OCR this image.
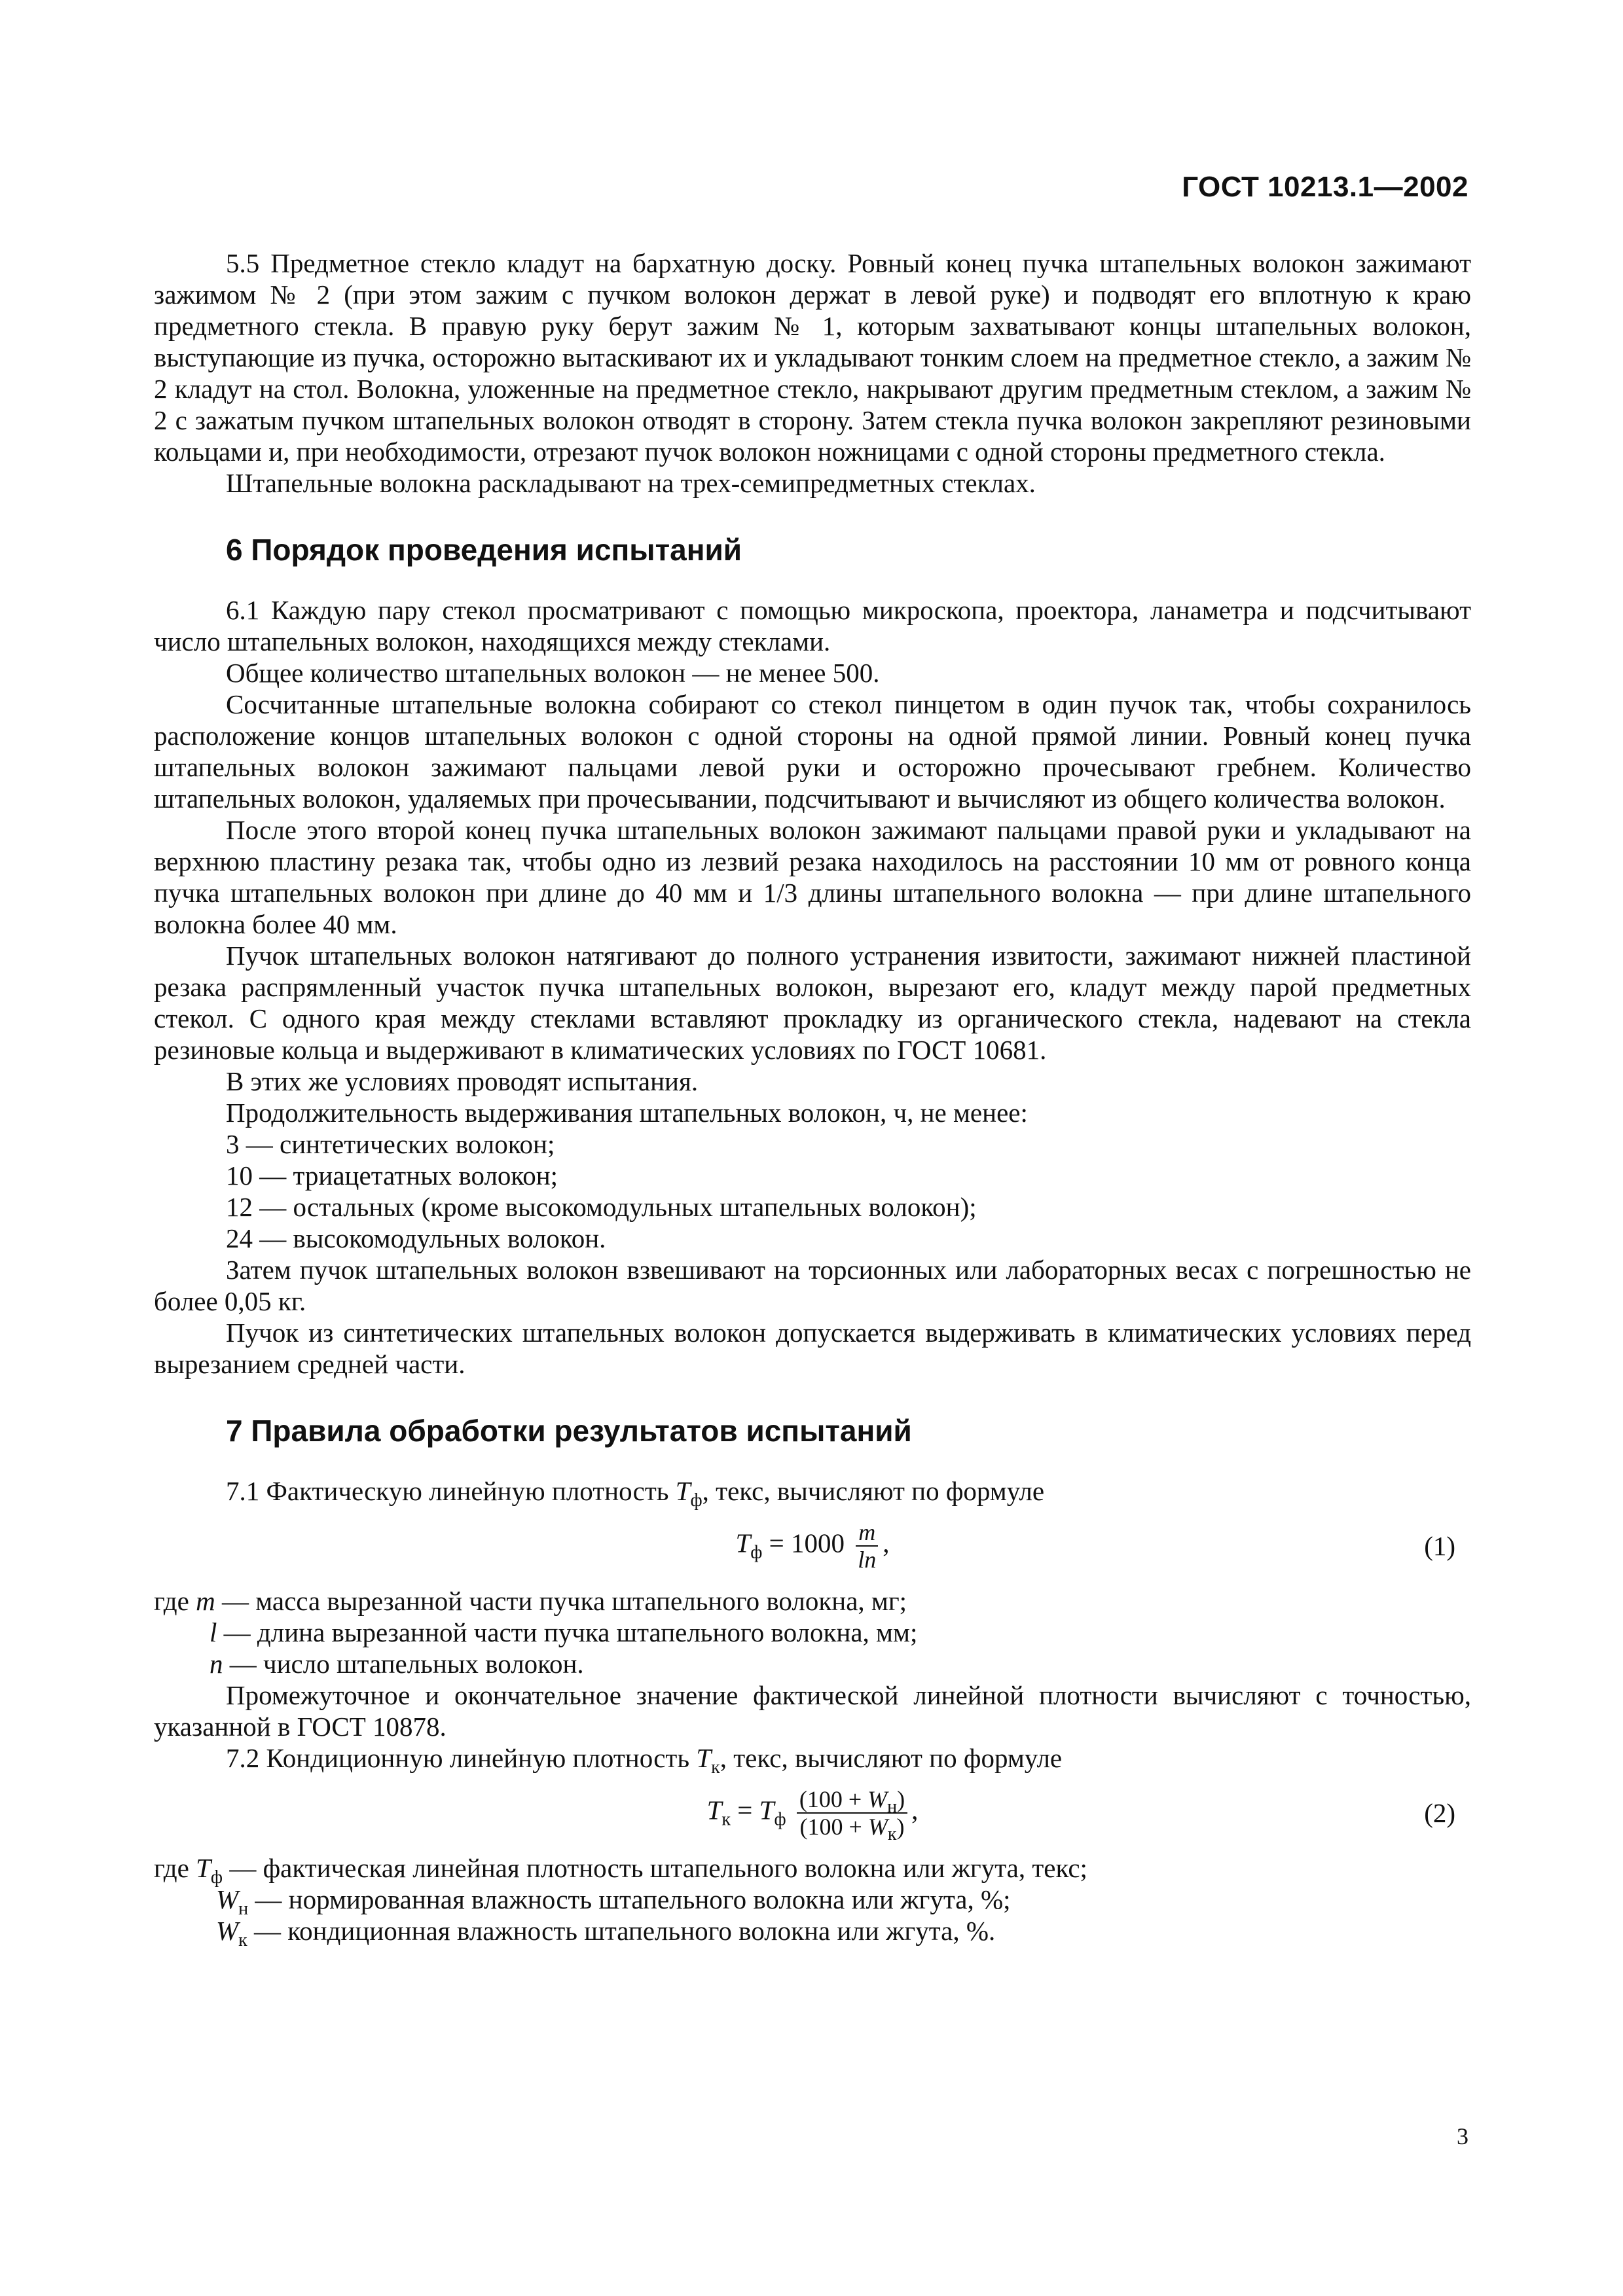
ГОСТ 10213.1—2002

5.5 Предметное стекло кладут на бархатную доску. Ровный конец пучка штапельных волокон зажимают зажимом № 2 (при этом зажим с пучком волокон держат в левой руке) и подводят его вплотную к краю предметного стекла. В правую руку берут зажим № 1, которым захватывают концы штапельных волокон, выступающие из пучка, осторожно вытаскивают их и укладывают тонким слоем на предметное стекло, а зажим № 2 кладут на стол. Волокна, уложенные на предметное стекло, накрывают другим предметным стеклом, а зажим № 2 с зажатым пучком штапельных волокон отводят в сторону. Затем стекла пучка волокон закрепляют резиновыми кольцами и, при необходимости, отрезают пучок волокон ножницами с одной стороны предметного стекла.

Штапельные волокна раскладывают на трех-семипредметных стеклах.

6 Порядок проведения испытаний

6.1 Каждую пару стекол просматривают с помощью микроскопа, проектора, ланаметра и подсчитывают число штапельных волокон, находящихся между стеклами.

Общее количество штапельных волокон — не менее 500.

Сосчитанные штапельные волокна собирают со стекол пинцетом в один пучок так, чтобы сохранилось расположение концов штапельных волокон с одной стороны на одной прямой линии. Ровный конец пучка штапельных волокон зажимают пальцами левой руки и осторожно прочесывают гребнем. Количество штапельных волокон, удаляемых при прочесывании, подсчитывают и вычисляют из общего количества волокон.

После этого второй конец пучка штапельных волокон зажимают пальцами правой руки и укладывают на верхнюю пластину резака так, чтобы одно из лезвий резака находилось на расстоянии 10 мм от ровного конца пучка штапельных волокон при длине до 40 мм и 1/3 длины штапельного волокна — при длине штапельного волокна более 40 мм.

Пучок штапельных волокон натягивают до полного устранения извитости, зажимают нижней пластиной резака распрямленный участок пучка штапельных волокон, вырезают его, кладут между парой предметных стекол. С одного края между стеклами вставляют прокладку из органического стекла, надевают на стекла резиновые кольца и выдерживают в климатических условиях по ГОСТ 10681.

В этих же условиях проводят испытания.

Продолжительность выдерживания штапельных волокон, ч, не менее:

3 — синтетических волокон;

10 — триацетатных волокон;

12 — остальных (кроме высокомодульных штапельных волокон);

24 — высокомодульных волокон.

Затем пучок штапельных волокон взвешивают на торсионных или лабораторных весах с погрешностью не более 0,05 кг.

Пучок из синтетических штапельных волокон допускается выдерживать в климатических условиях перед вырезанием средней части.

7 Правила обработки результатов испытаний

7.1 Фактическую линейную плотность $T_ф$, текс, вычисляют по формуле

$T_ф = 1000 \frac{m}{\ln}$ ,	(1)

где m — масса вырезанной части пучка штапельного волокна, мг;

l — длина вырезанной части пучка штапельного волокна, мм;

n — число штапельных волокон.

Промежуточное и окончательное значение фактической линейной плотности вычисляют с точностью, указанной в ГОСТ 10878.

7.2 Кондиционную линейную плотность $T_к$, текс, вычисляют по формуле

$T_к = T_ф \frac{(100 + W_н)}{(100 + W_к)}$ ,	(2)

где $T_ф$ — фактическая линейная плотность штапельного волокна или жгута, текс;

$W_н$ — нормированная влажность штапельного волокна или жгута, %;

$W_к$ — кондиционная влажность штапельного волокна или жгута, %.

3
